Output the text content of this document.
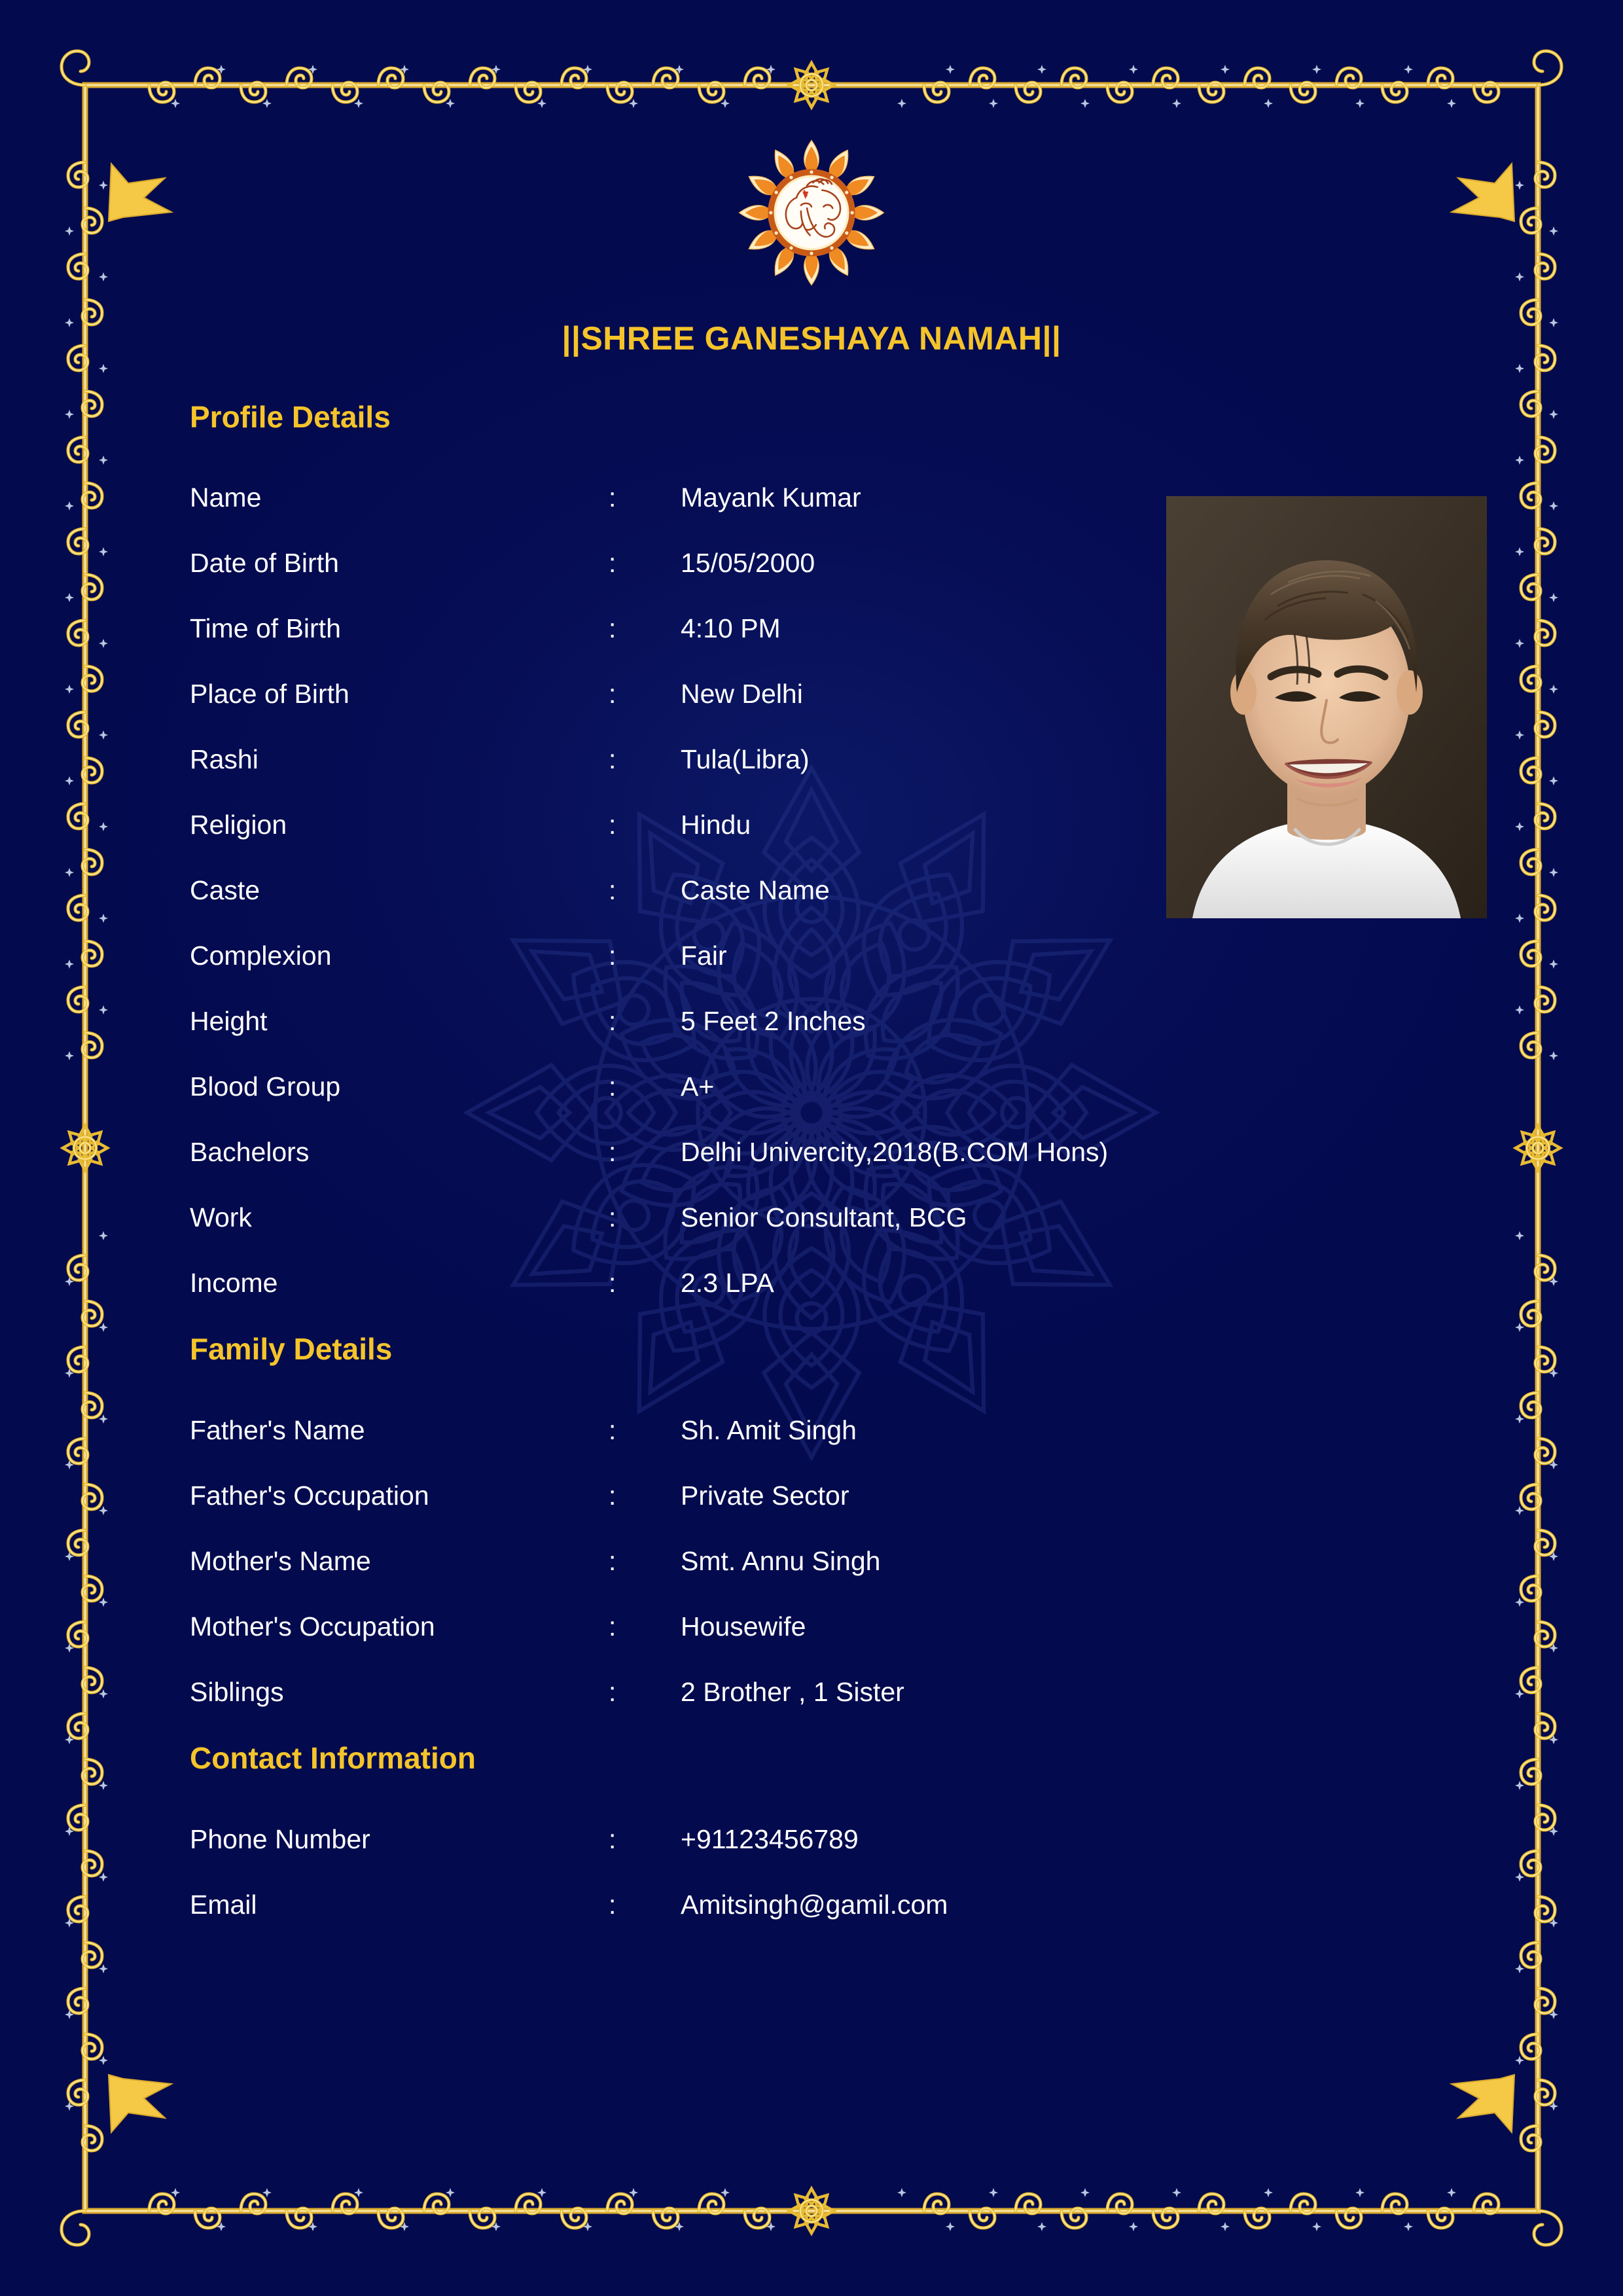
||SHREE GANESHAYA NAMAH||
Profile Details
Name	:	Mayank Kumar
Date of Birth	:	15/05/2000
Time of Birth	:	4:10 PM
Place of Birth	:	New Delhi
Rashi	:	Tula(Libra)
Religion	:	Hindu
Caste	:	Caste Name
Complexion	:	Fair
Height	:	5 Feet 2 Inches
Blood Group	:	A+
Bachelors	:	Delhi Univercity,2018(B.COM Hons)
Work	:	Senior Consultant, BCG
Income	:	2.3 LPA
Family Details
Father's Name	:	Sh. Amit Singh
Father's Occupation	:	Private Sector
Mother's Name	:	Smt. Annu Singh
Mother's Occupation	:	Housewife
Siblings	:	2 Brother , 1 Sister
Contact Information
Phone Number	:	+91123456789
Email	:	Amitsingh@gamil.com
